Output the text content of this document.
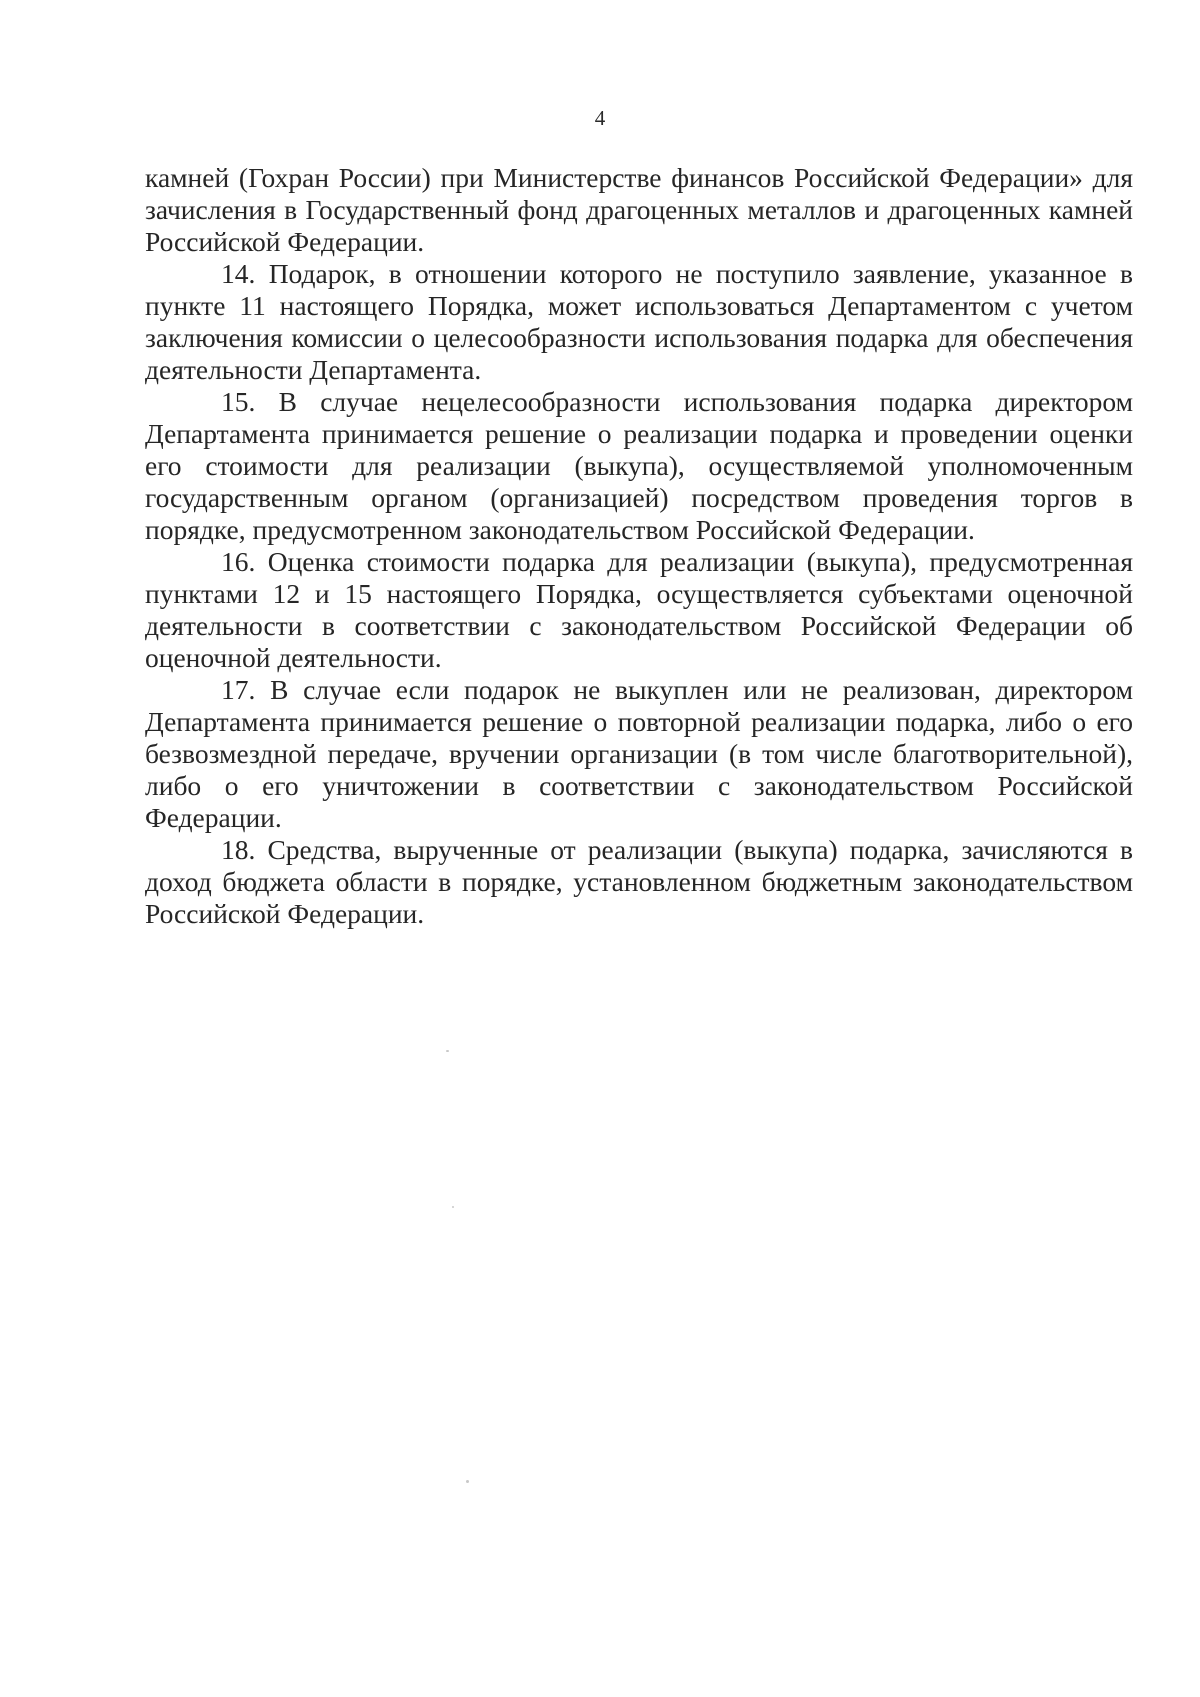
4

камней (Гохран России) при Министерстве финансов Российской Федерации» для зачисления в Государственный фонд драгоценных металлов и драгоценных камней Российской Федерации.

14. Подарок, в отношении которого не поступило заявление, указанное в пункте 11 настоящего Порядка, может использоваться Департаментом с учетом заключения комиссии о целесообразности использования подарка для обеспечения деятельности Департамента.

15. В случае нецелесообразности использования подарка директором Департамента принимается решение о реализации подарка и проведении оценки его стоимости для реализации (выкупа), осуществляемой уполномоченным государственным органом (организацией) посредством проведения торгов в порядке, предусмотренном законодательством Российской Федерации.

16. Оценка стоимости подарка для реализации (выкупа), предусмотренная пунктами 12 и 15 настоящего Порядка, осуществляется субъектами оценочной деятельности в соответствии с законодательством Российской Федерации об оценочной деятельности.

17. В случае если подарок не выкуплен или не реализован, директором Департамента принимается решение о повторной реализации подарка, либо о его безвозмездной передаче, вручении организации (в том числе благотворительной), либо о его уничтожении в соответствии с законодательством Российской Федерации.

18. Средства, вырученные от реализации (выкупа) подарка, зачисляются в доход бюджета области в порядке, установленном бюджетным законодательством Российской Федерации.
